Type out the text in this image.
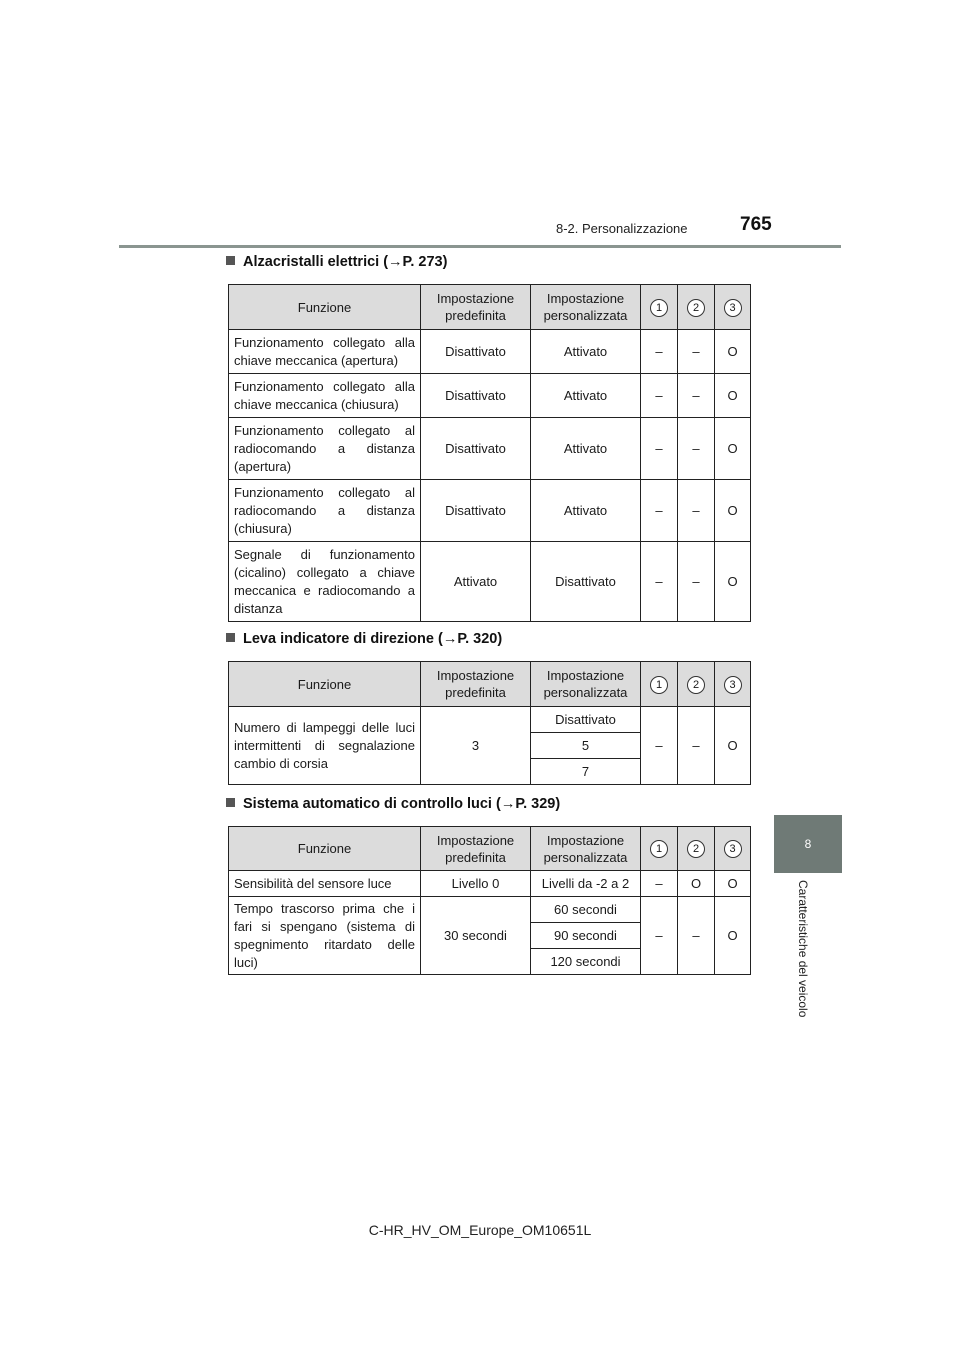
8-2. Personalizzazione	765
8
Caratteristiche del veicolo
Alzacristalli elettrici (→P. 273)
Funzione	Impostazione predefinita	Impostazione personalizzata	1	2	3
Funzionamento collegato alla chiave meccanica (apertura)	Disattivato	Attivato	–	–	O
Funzionamento collegato alla chiave meccanica (chiusura)	Disattivato	Attivato	–	–	O
Funzionamento collegato al radiocomando a distanza (apertura)	Disattivato	Attivato	–	–	O
Funzionamento collegato al radiocomando a distanza (chiusura)	Disattivato	Attivato	–	–	O
Segnale di funzionamento (cicalino) collegato a chiave meccanica e radiocomando a distanza	Attivato	Disattivato	–	–	O
Leva indicatore di direzione (→P. 320)
Funzione	Impostazione predefinita	Impostazione personalizzata	1	2	3
Numero di lampeggi delle luci intermittenti di segnalazione cambio di corsia	3	Disattivato	–	–	O
		5			
		7			
Sistema automatico di controllo luci (→P. 329)
Funzione	Impostazione predefinita	Impostazione personalizzata	1	2	3
Sensibilità del sensore luce	Livello 0	Livelli da -2 a 2	–	O	O
Tempo trascorso prima che i fari si spengano (sistema di spegnimento ritardato delle luci)	30 secondi	60 secondi	–	–	O
		90 secondi			
		120 secondi			
C-HR_HV_OM_Europe_OM10651L
